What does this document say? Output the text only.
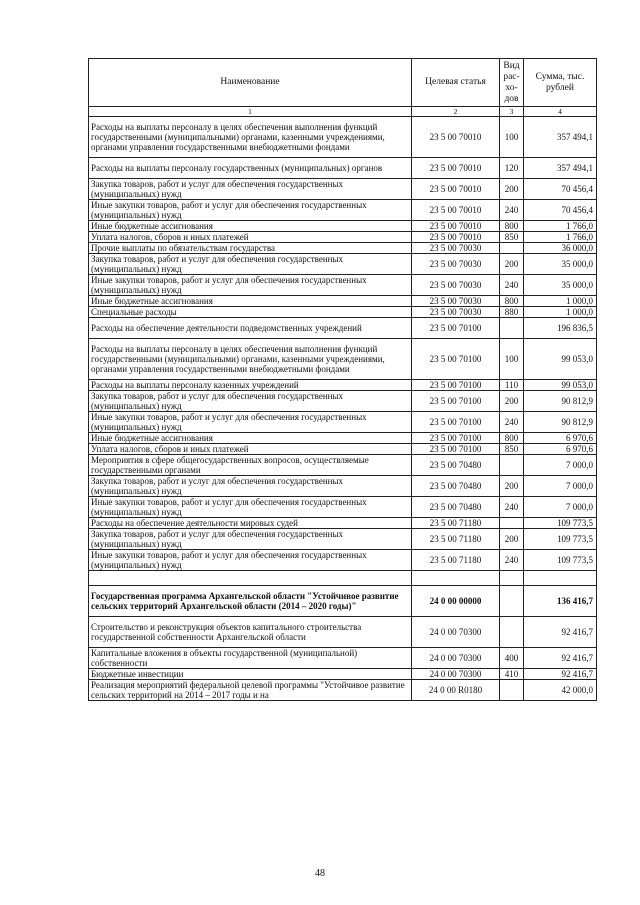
Наименование	Целевая статья	Вид рас-хо-дов	Сумма, тыс. рублей
1	2	3	4
Расходы на выплаты персоналу в целях обеспечения выполнения функций государственными (муниципальными) органами, казенными учреждениями, органами управления государственными внебюджетными фондами	23 5 00 70010	100	357 494,1
Расходы на выплаты персоналу государственных (муниципальных) органов	23 5 00 70010	120	357 494,1
Закупка товаров, работ и услуг для обеспечения государственных (муниципальных) нужд	23 5 00 70010	200	70 456,4
Иные закупки товаров, работ и услуг для обеспечения государственных (муниципальных) нужд	23 5 00 70010	240	70 456,4
Иные бюджетные ассигнования	23 5 00 70010	800	1 766,0
Уплата налогов, сборов и иных платежей	23 5 00 70010	850	1 766,0
Прочие выплаты по обязательствам государства	23 5 00 70030		36 000,0
Закупка товаров, работ и услуг для обеспечения государственных (муниципальных) нужд	23 5 00 70030	200	35 000,0
Иные закупки товаров, работ и услуг для обеспечения государственных (муниципальных) нужд	23 5 00 70030	240	35 000,0
Иные бюджетные ассигнования	23 5 00 70030	800	1 000,0
Специальные расходы	23 5 00 70030	880	1 000,0
Расходы на обеспечение деятельности подведомственных учреждений	23 5 00 70100		196 836,5
Расходы на выплаты персоналу в целях обеспечения выполнения функций государственными (муниципальными) органами, казенными учреждениями, органами управления государственными внебюджетными фондами	23 5 00 70100	100	99 053,0
Расходы на выплаты персоналу казенных учреждений	23 5 00 70100	110	99 053,0
Закупка товаров, работ и услуг для обеспечения государственных (муниципальных) нужд	23 5 00 70100	200	90 812,9
Иные закупки товаров, работ и услуг для обеспечения государственных (муниципальных) нужд	23 5 00 70100	240	90 812,9
Иные бюджетные ассигнования	23 5 00 70100	800	6 970,6
Уплата налогов, сборов и иных платежей	23 5 00 70100	850	6 970,6
Мероприятия в сфере общегосударственных вопросов, осуществляемые государственными органами	23 5 00 70480		7 000,0
Закупка товаров, работ и услуг для обеспечения государственных (муниципальных) нужд	23 5 00 70480	200	7 000,0
Иные закупки товаров, работ и услуг для обеспечения государственных (муниципальных) нужд	23 5 00 70480	240	7 000,0
Расходы на обеспечение деятельности мировых судей	23 5 00 71180		109 773,5
Закупка товаров, работ и услуг для обеспечения государственных (муниципальных) нужд	23 5 00 71180	200	109 773,5
Иные закупки товаров, работ и услуг для обеспечения государственных (муниципальных) нужд	23 5 00 71180	240	109 773,5

Государственная программа Архангельской области "Устойчивое развитие сельских территорий Архангельской области (2014 – 2020 годы)"	24 0 00 00000		136 416,7
Строительство и реконструкция объектов капитального строительства государственной собственности Архангельской области	24 0 00 70300		92 416,7
Капитальные вложения в объекты государственной (муниципальной) собственности	24 0 00 70300	400	92 416,7
Бюджетные инвестиции	24 0 00 70300	410	92 416,7
Реализация мероприятий федеральной целевой программы "Устойчивое развитие сельских территорий на 2014 – 2017 годы и на	24 0 00 R0180		42 000,0
48
